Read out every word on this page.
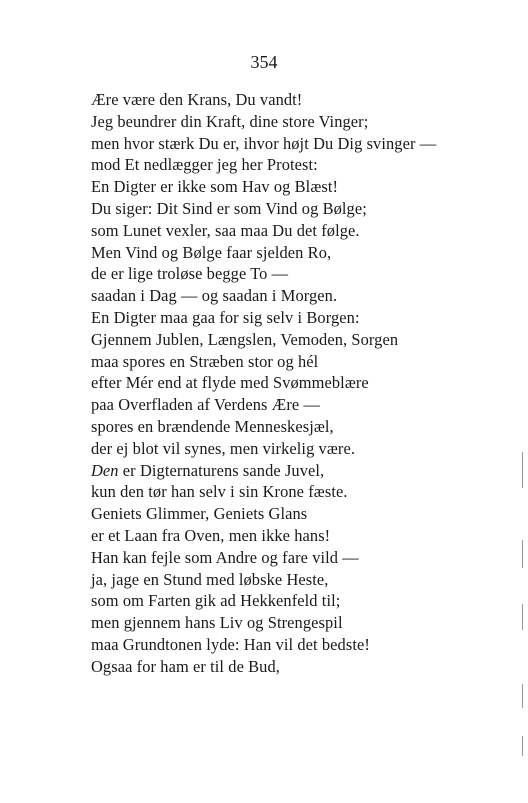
354
Ære være den Krans, Du vandt!
Jeg beundrer din Kraft, dine store Vinger;
men hvor stærk Du er, ihvor højt Du Dig svinger —
mod Et nedlægger jeg her Protest:
En Digter er ikke som Hav og Blæst!
Du siger: Dit Sind er som Vind og Bølge;
som Lunet vexler, saa maa Du det følge.
Men Vind og Bølge faar sjelden Ro,
de er lige troløse begge To —
saadan i Dag — og saadan i Morgen.
En Digter maa gaa for sig selv i Borgen:
Gjennem Jublen, Længslen, Vemoden, Sorgen
maa spores en Stræben stor og hél
efter Mér end at flyde med Svømmeblære
paa Overfladen af Verdens Ære —
spores en brændende Menneskesjæl,
der ej blot vil synes, men virkelig være.
Den er Digternaturens sande Juvel,
kun den tør han selv i sin Krone fæste.
Geniets Glimmer, Geniets Glans
er et Laan fra Oven, men ikke hans!
Han kan fejle som Andre og fare vild —
ja, jage en Stund med løbske Heste,
som om Farten gik ad Hekkenfeld til;
men gjennem hans Liv og Strengespil
maa Grundtonen lyde: Han vil det bedste!
Ogsaa for ham er til de Bud,
